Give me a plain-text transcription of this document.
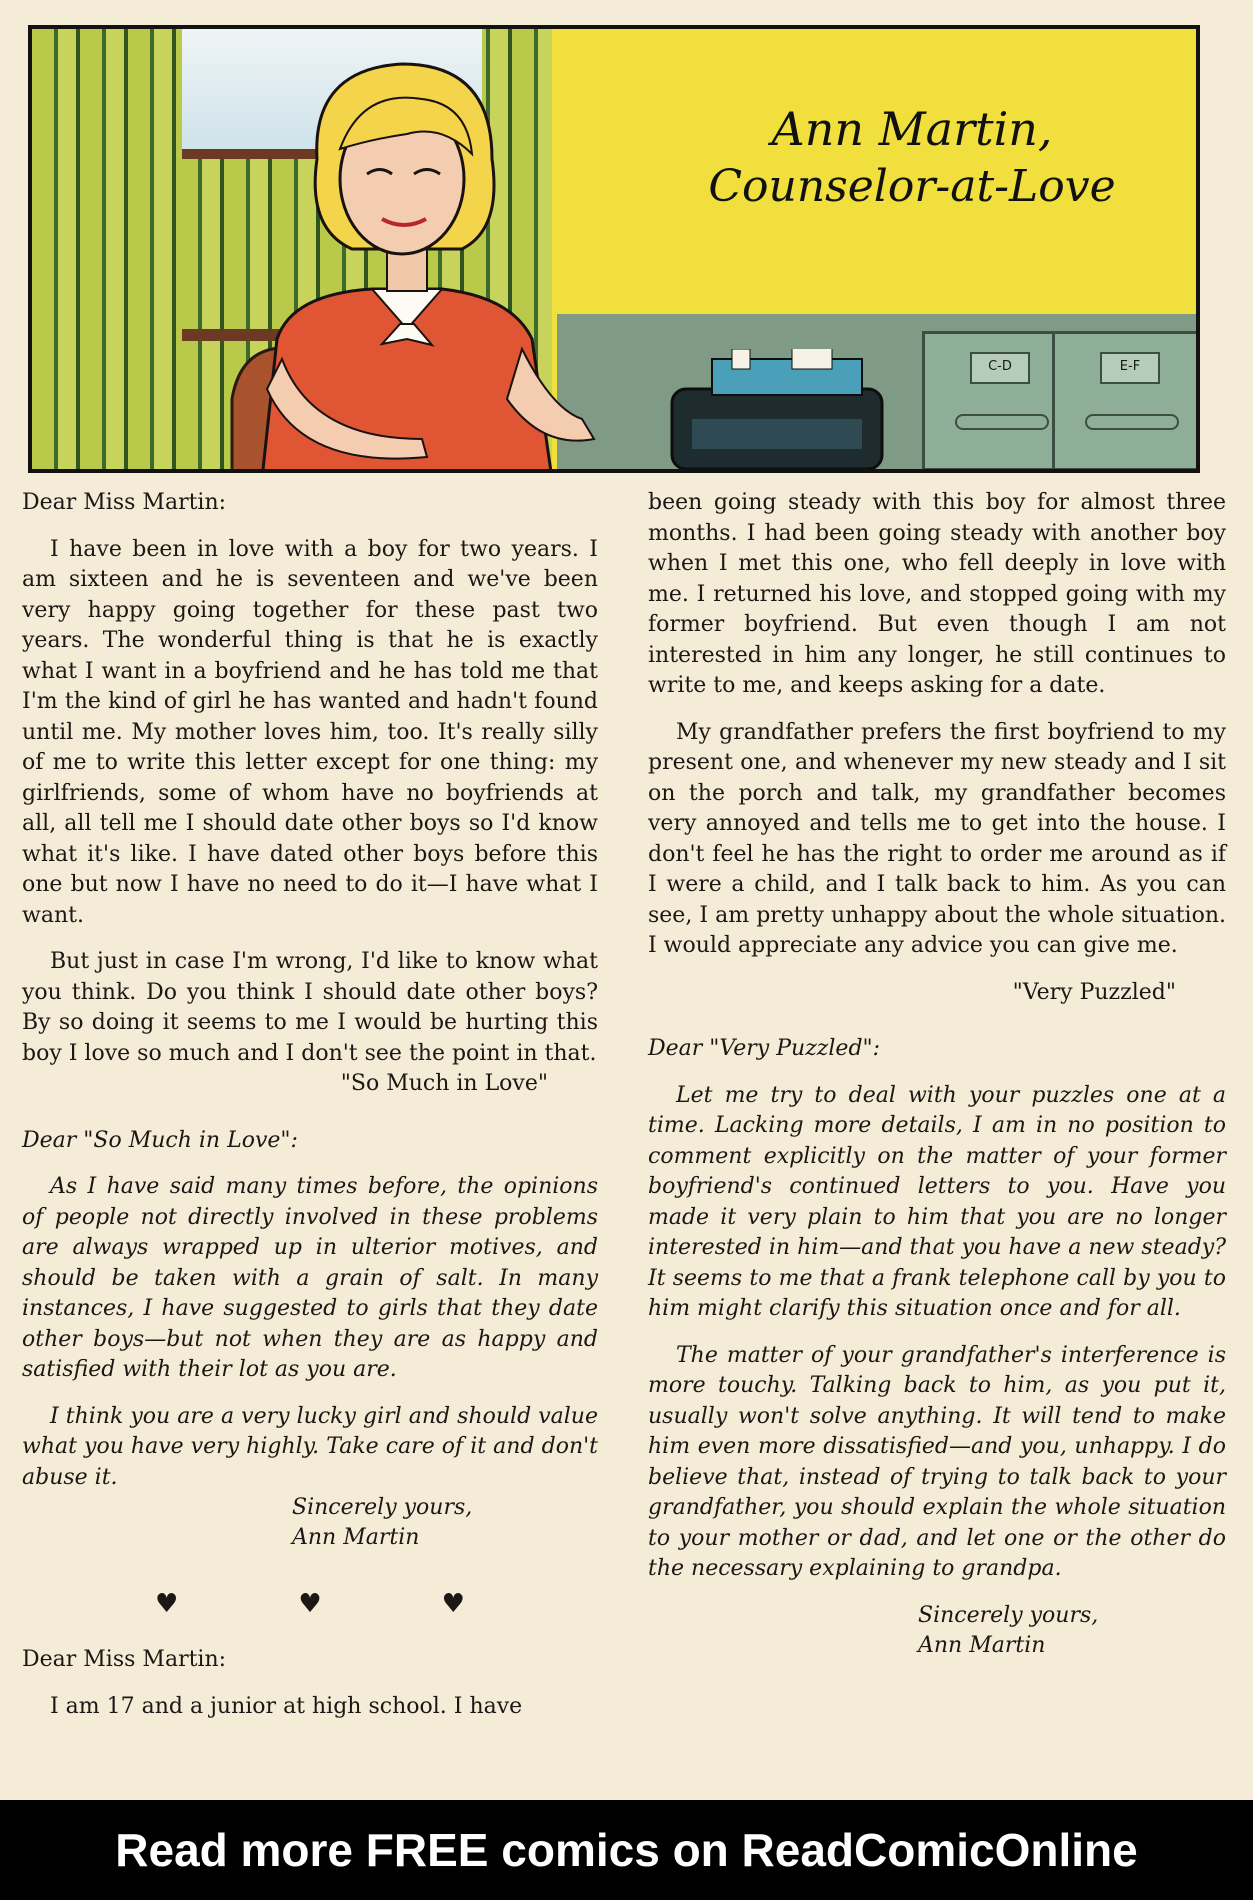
C-D	E-F
Ann Martin,
Counselor-at-Love

Dear Miss Martin:

I have been in love with a boy for two years. I am sixteen and he is seventeen and we've been very happy going together for these past two years. The wonderful thing is that he is exactly what I want in a boyfriend and he has told me that I'm the kind of girl he has wanted and hadn't found until me. My mother loves him, too. It's really silly of me to write this letter except for one thing: my girlfriends, some of whom have no boyfriends at all, all tell me I should date other boys so I'd know what it's like. I have dated other boys before this one but now I have no need to do it—I have what I want.

But just in case I'm wrong, I'd like to know what you think. Do you think I should date other boys? By so doing it seems to me I would be hurting this boy I love so much and I don't see the point in that.

"So Much in Love"

Dear "So Much in Love":

As I have said many times before, the opinions of people not directly involved in these problems are always wrapped up in ulterior motives, and should be taken with a grain of salt. In many instances, I have suggested to girls that they date other boys—but not when they are as happy and satisfied with their lot as you are.

I think you are a very lucky girl and should value what you have very highly. Take care of it and don't abuse it.

Sincerely yours,

Ann Martin

♥♥♥

Dear Miss Martin:

I am 17 and a junior at high school. I have

been going steady with this boy for almost three months. I had been going steady with another boy when I met this one, who fell deeply in love with me. I returned his love, and stopped going with my former boyfriend. But even though I am not interested in him any longer, he still continues to write to me, and keeps asking for a date.

My grandfather prefers the first boyfriend to my present one, and whenever my new steady and I sit on the porch and talk, my grandfather becomes very annoyed and tells me to get into the house. I don't feel he has the right to order me around as if I were a child, and I talk back to him. As you can see, I am pretty unhappy about the whole situation. I would appreciate any advice you can give me.

"Very Puzzled"

Dear "Very Puzzled":

Let me try to deal with your puzzles one at a time. Lacking more details, I am in no position to comment explicitly on the matter of your former boyfriend's continued letters to you. Have you made it very plain to him that you are no longer interested in him—and that you have a new steady? It seems to me that a frank telephone call by you to him might clarify this situation once and for all.

The matter of your grandfather's interference is more touchy. Talking back to him, as you put it, usually won't solve anything. It will tend to make him even more dissatisfied—and you, unhappy. I do believe that, instead of trying to talk back to your grandfather, you should explain the whole situation to your mother or dad, and let one or the other do the necessary explaining to grandpa.

Sincerely yours,

Ann Martin

Read more FREE comics on ReadComicOnline
